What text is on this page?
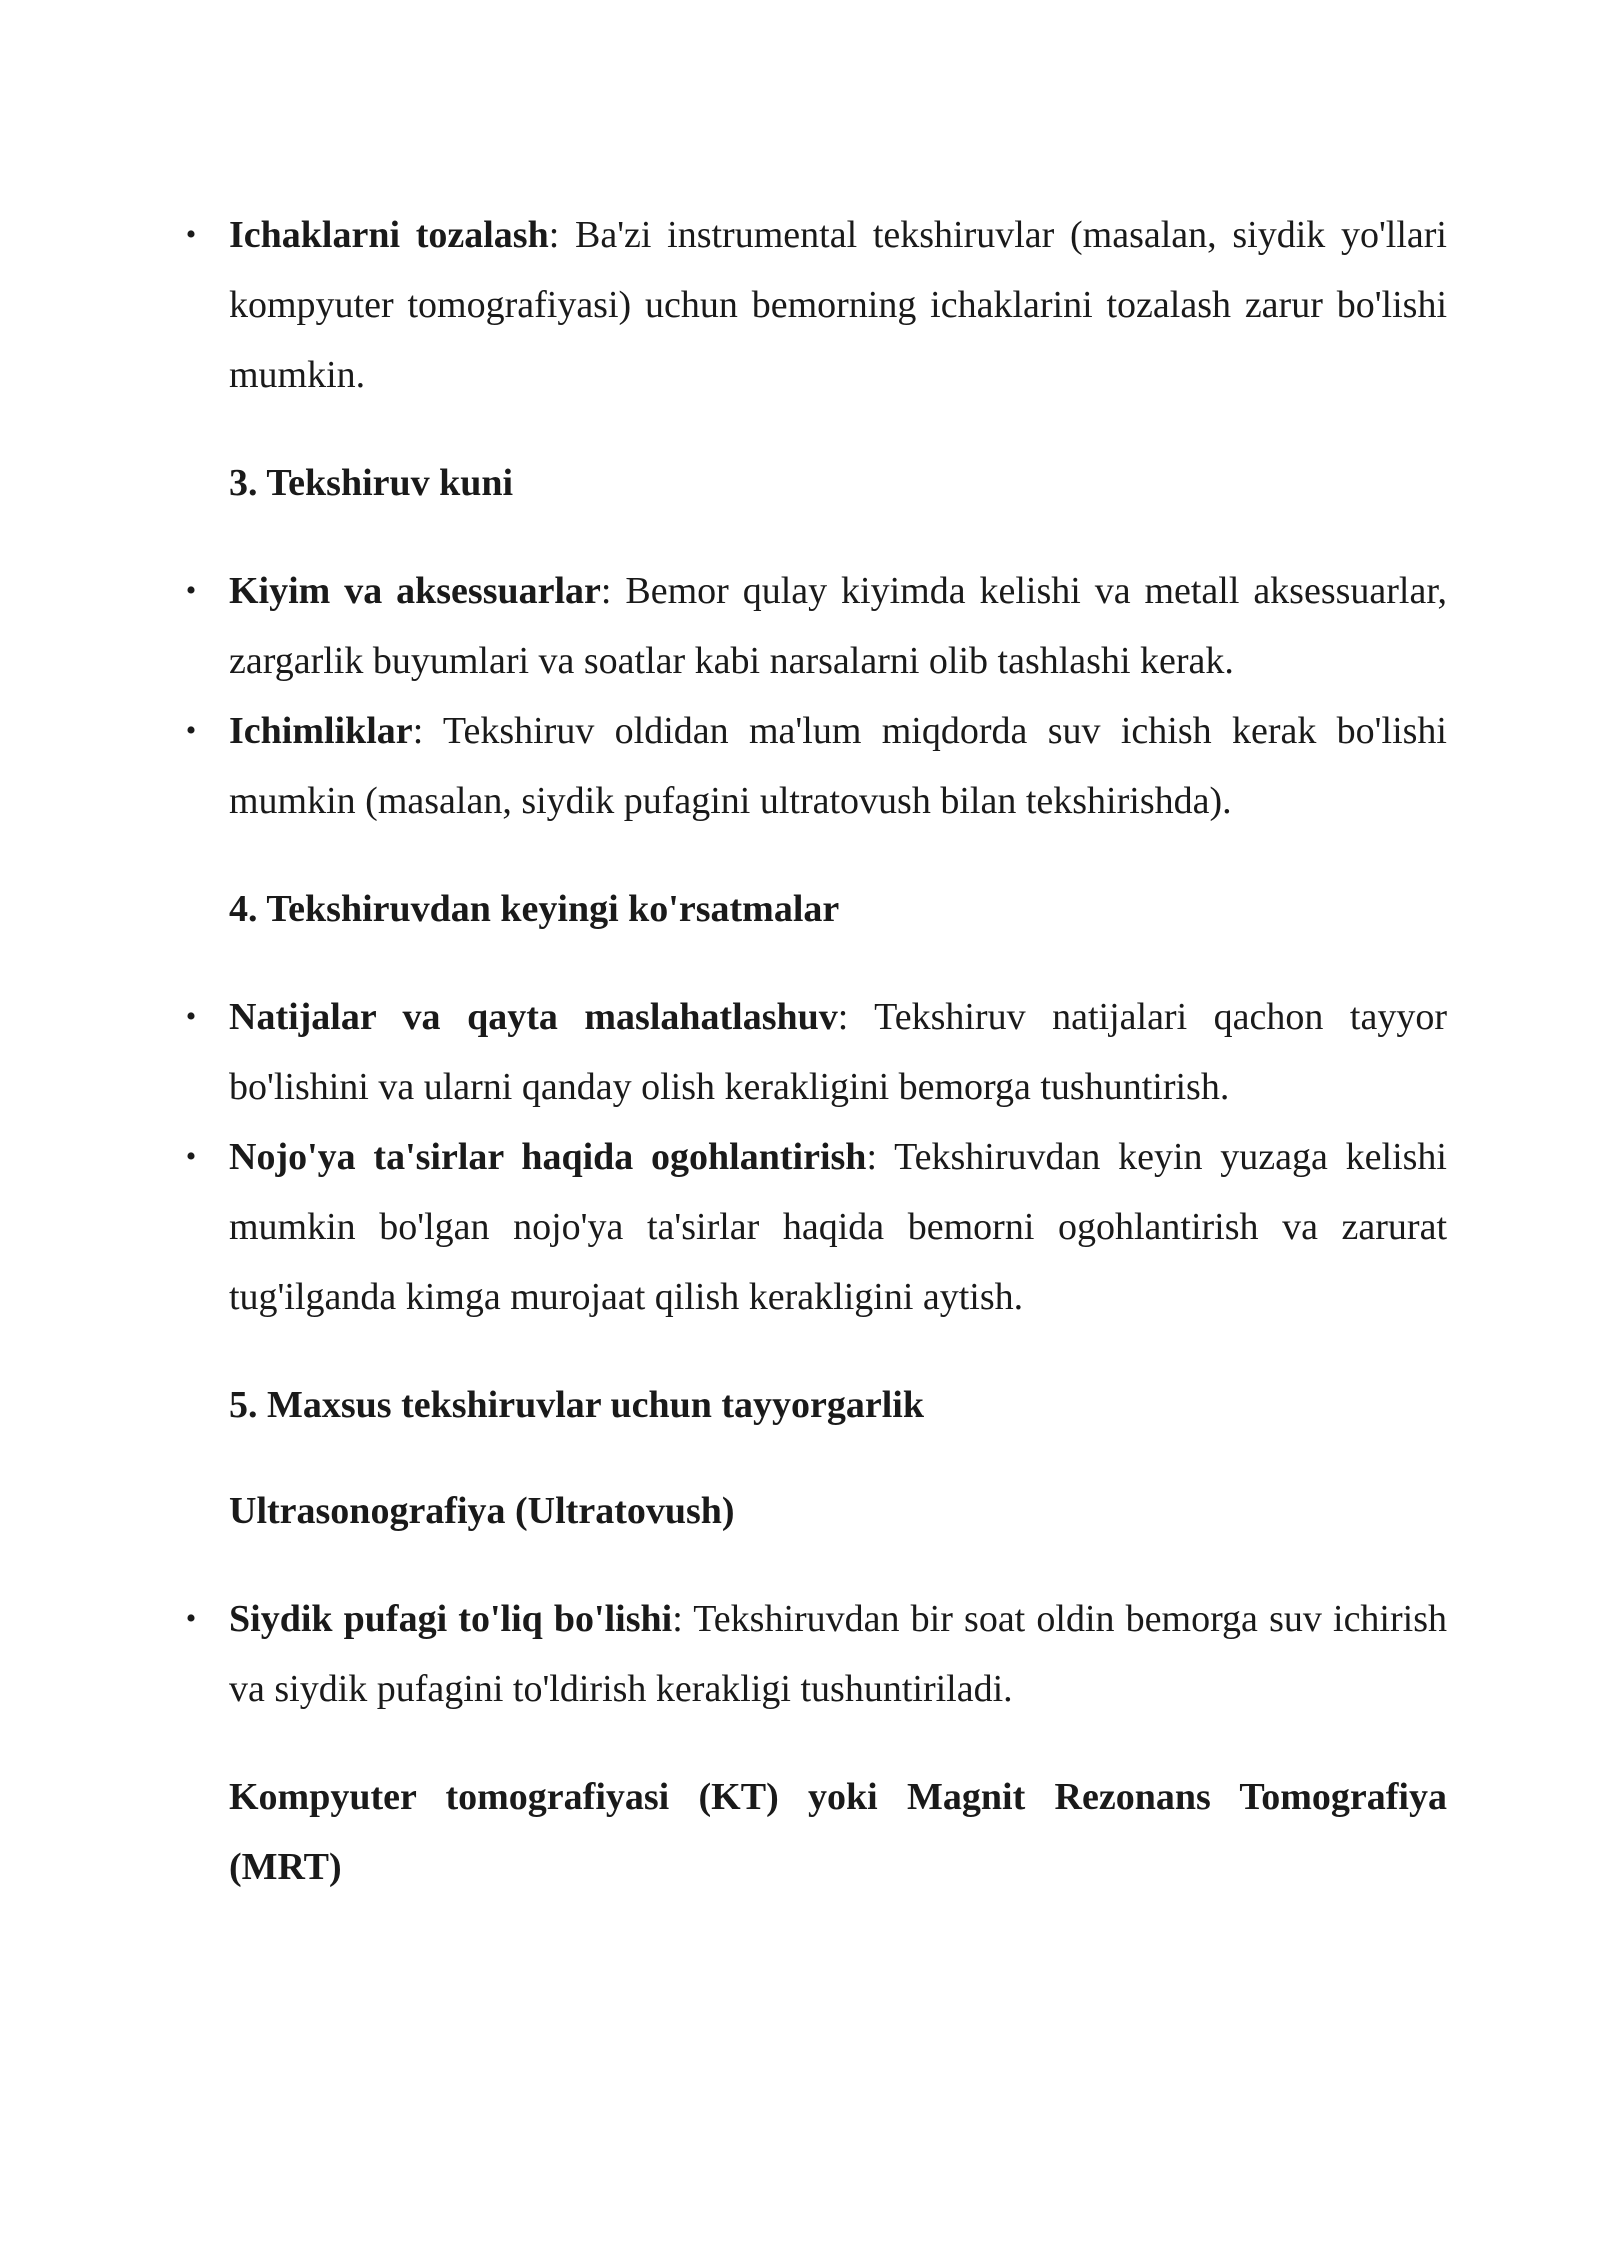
• Ichaklarni tozalash: Ba'zi instrumental tekshiruvlar (masalan, siydik yo'llari kompyuter tomografiyasi) uchun bemorning ichaklarini tozalash zarur bo'lishi mumkin.

3. Tekshiruv kuni

• Kiyim va aksessuarlar: Bemor qulay kiyimda kelishi va metall aksessuarlar, zargarlik buyumlari va soatlar kabi narsalarni olib tashlashi kerak.
• Ichimliklar: Tekshiruv oldidan ma'lum miqdorda suv ichish kerak bo'lishi mumkin (masalan, siydik pufagini ultratovush bilan tekshirishda).

4. Tekshiruvdan keyingi ko'rsatmalar

• Natijalar va qayta maslahatlashuv: Tekshiruv natijalari qachon tayyor bo'lishini va ularni qanday olish kerakligini bemorga tushuntirish.
• Nojo'ya ta'sirlar haqida ogohlantirish: Tekshiruvdan keyin yuzaga kelishi mumkin bo'lgan nojo'ya ta'sirlar haqida bemorni ogohlantirish va zarurat tug'ilganda kimga murojaat qilish kerakligini aytish.

5. Maxsus tekshiruvlar uchun tayyorgarlik

Ultrasonografiya (Ultratovush)

• Siydik pufagi to'liq bo'lishi: Tekshiruvdan bir soat oldin bemorga suv ichirish va siydik pufagini to'ldirish kerakligi tushuntiriladi.

Kompyuter tomografiyasi (KT) yoki Magnit Rezonans Tomografiya (MRT)
